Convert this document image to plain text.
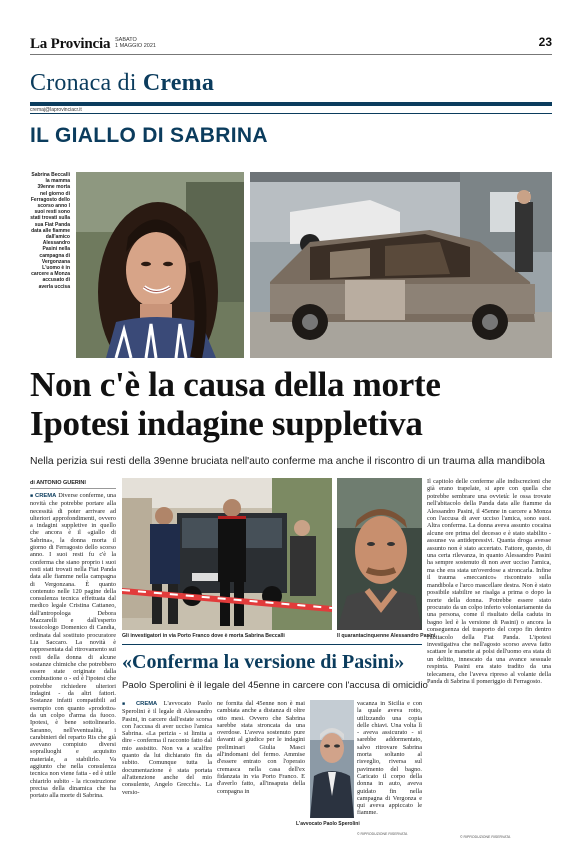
La Provincia SABATO
1 MAGGIO 2021	23
Cronaca di Crema
cremaj@laprovinciacr.it
IL GIALLO DI SABRINA
Sabrina Beccalli la mamma 39enne morta nel giorno di Ferragosto dello scorso anno I suoi resti sono stati trovati sulla sua Fiat Panda data alle fiamme dall'amico Alessandro Pasini nella campagna di Vergonzana L'uomo è in carcere a Monza accusato di averla uccisa
Non c'è la causa della morte
Ipotesi indagine suppletiva
Nella perizia sui resti della 39enne bruciata nell'auto conferme ma anche il riscontro di un trauma alla mandibola
di ANTONIO GUERINI
■ CREMA Diverse conferme, una novità che potrebbe portare alla necessità di poter arrivare ad ulteriori approfondimenti, ovvero a indagini suppletive in quello che ancora è il «giallo di Sabrina», la donna morta il giorno di Ferragosto dello scorso anno. I suoi resti fu c'è la conferma che siano proprio i suoi resti stati trovati nella Fiat Panda data alle fiamme nella campagna di Vergonzana. È quanto contenuto nelle 120 pagine della consulenza tecnica effettuata dal medico legale Cristina Cattaneo, dall'antropologa Debora Mazzarelli e dall'esperto tossicologo Domenico di Candia, ordinata dal sostituto procuratore Lia Saccaro. La novità è rappresentata dal ritrovamento sui resti della donna di alcune sostanze chimiche che potrebbero essere state originate dalla combustione o - ed è l'ipotesi che potrebbe richiedere ulteriori indagini - da altri fattori. Sostanze infatti compatibili ad esempio con quanto «prodotto» da un colpo d'arma da fuoco. Ipotesi, è bene sottolinearlo. Saranno, nell'eventualità, i carabinieri del reparto Ris che già avevano compiuto diversi sopralluoghi e acquisito materiale, a stabilirlo. Va aggiunto che nella consulenza tecnica non viene fatta - ed è utile chiarirlo subito - la ricostruzione precisa della dinamica che ha portato alla morte di Sabrina.
Gli investigatori in via Porto Franco dove è morta Sabrina Beccalli	Il quarantacinquenne Alessandro Pasini
Il capitolo delle conferme alle indiscrezioni che già erano trapelate, si apre con quella che potrebbe sembrare una ovvietà: le ossa trovate nell'abitacolo della Panda data alle fiamme da Alessandro Pasini, il 45enne in carcere a Monza con l'accusa di aver ucciso l'amica, sono suoi. Altra conferma. La donna aveva assunto cocaina alcune ore prima del decesso e è stato stabilito - assunse va antidepressivi. Quanta droga avesse assunto non è stato accertato. Fattore, questo, di una certa rilevanza, in quanto Alessandro Pasini ha sempre sostenuto di non aver ucciso l'amica, ma che era stata un'overdose a stroncarla. Infine il trauma «meccanico» riscontrato sulla mandibola e l'arco mascellare destra. Non è stato possibile stabilire se risalga a prima o dopo la morte della donna. Potrebbe essere stato procurato da un colpo inferto volontariamente da una persona, come il risultato della caduta in bagno led è la versione di Pasini) o ancora la conseguenza del trasporto del corpo fin dentro l'abitacolo della Fiat Panda. L'ipotesi investigativa che nell'agosto scorso aveva fatto scattare le manette ai polsi dell'uomo era stata di un delitto, innescato da una avance sessuale respinta. Pasini era stato tradito da una telecamera, che l'aveva ripreso al volante della Panda di Sabrina il pomeriggio di Ferragosto.
«Conferma la versione di Pasini»
Paolo Sperolini è il legale del 45enne in carcere con l'accusa di omicidio
■ CREMA L'avvocato Paolo Sperolini è il legale di Alessandro Pasini, in carcere dall'estate scorsa con l'accusa di aver ucciso l'amica Sabrina. «La perizia - si limita a dire - conferma il racconto fatto dal mio assistito. Non va a scalfire quanto da lui dichiarato fin da subito. Comunque tutta la documentazione è stata portata all'attenzione anche del mio consulente, Angelo Grecchi». La versio-
ne fornita dal 45enne non è mai cambiata anche a distanza di oltre otto mesi. Ovvero che Sabrina sarebbe stata stroncata da una overdose. L'aveva sostenuto pure davanti al giudice per le indagini preliminari Giulia Masci all'indomani del fermo. Ammise d'essere entrato con l'operaio cremasca nella casa dell'ex fidanzata in via Porto Franco. E d'averlo fatto, all'insaputa della compagna in
L'avvocato Paolo Sperolini
vacanza in Sicilia e con la quale aveva rotto, utilizzando una copia delle chiavi. Una volta lì - aveva assicurato - si sarebbe addormentato, salvo ritrovare Sabrina morta soltanto al risveglio, riversa sul pavimento del bagno. Caricato il corpo della donna in auto, aveva guidato fin nella campagna di Vergonza e qui aveva appiccato le fiamme.
© RIPRODUZIONE RISERVATA
© RIPRODUZIONE RISERVATA
